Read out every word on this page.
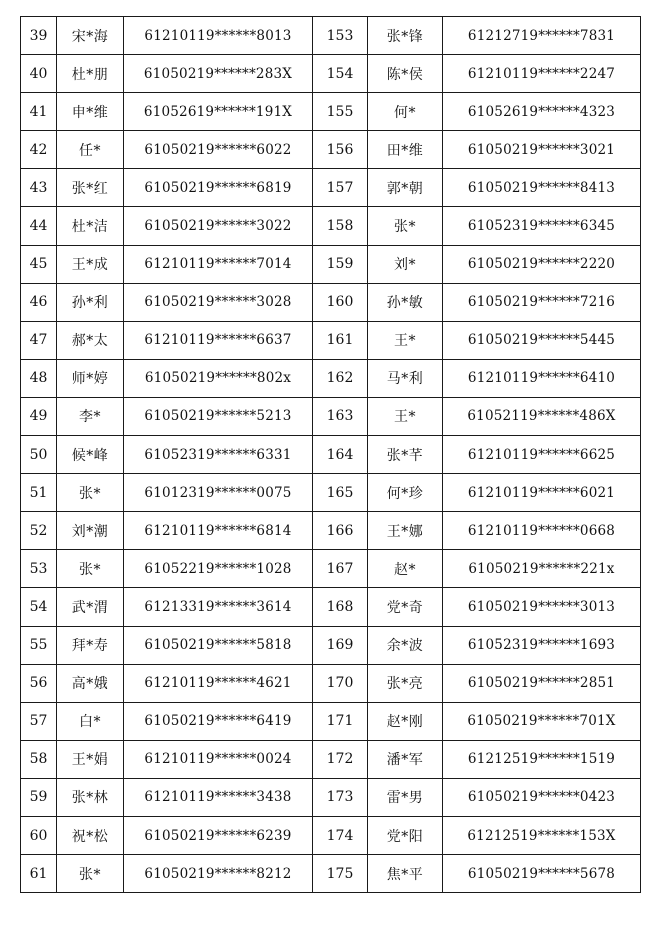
39	宋*海	61210119******8013	153	张*锋	61212719******7831
40	杜*朋	61050219******283X	154	陈*侯	61210119******2247
41	申*维	61052619******191X	155	何*	61052619******4323
42	任*	61050219******6022	156	田*维	61050219******3021
43	张*红	61050219******6819	157	郭*朝	61050219******8413
44	杜*洁	61050219******3022	158	张*	61052319******6345
45	王*成	61210119******7014	159	刘*	61050219******2220
46	孙*利	61050219******3028	160	孙*敏	61050219******7216
47	郝*太	61210119******6637	161	王*	61050219******5445
48	师*婷	61050219******802x	162	马*利	61210119******6410
49	李*	61050219******5213	163	王*	61052119******486X
50	候*峰	61052319******6331	164	张*芊	61210119******6625
51	张*	61012319******0075	165	何*珍	61210119******6021
52	刘*潮	61210119******6814	166	王*娜	61210119******0668
53	张*	61052219******1028	167	赵*	61050219******221x
54	武*渭	61213319******3614	168	党*奇	61050219******3013
55	拜*寿	61050219******5818	169	余*波	61052319******1693
56	高*娥	61210119******4621	170	张*亮	61050219******2851
57	白*	61050219******6419	171	赵*刚	61050219******701X
58	王*娟	61210119******0024	172	潘*军	61212519******1519
59	张*林	61210119******3438	173	雷*男	61050219******0423
60	祝*松	61050219******6239	174	党*阳	61212519******153X
61	张*	61050219******8212	175	焦*平	61050219******5678
